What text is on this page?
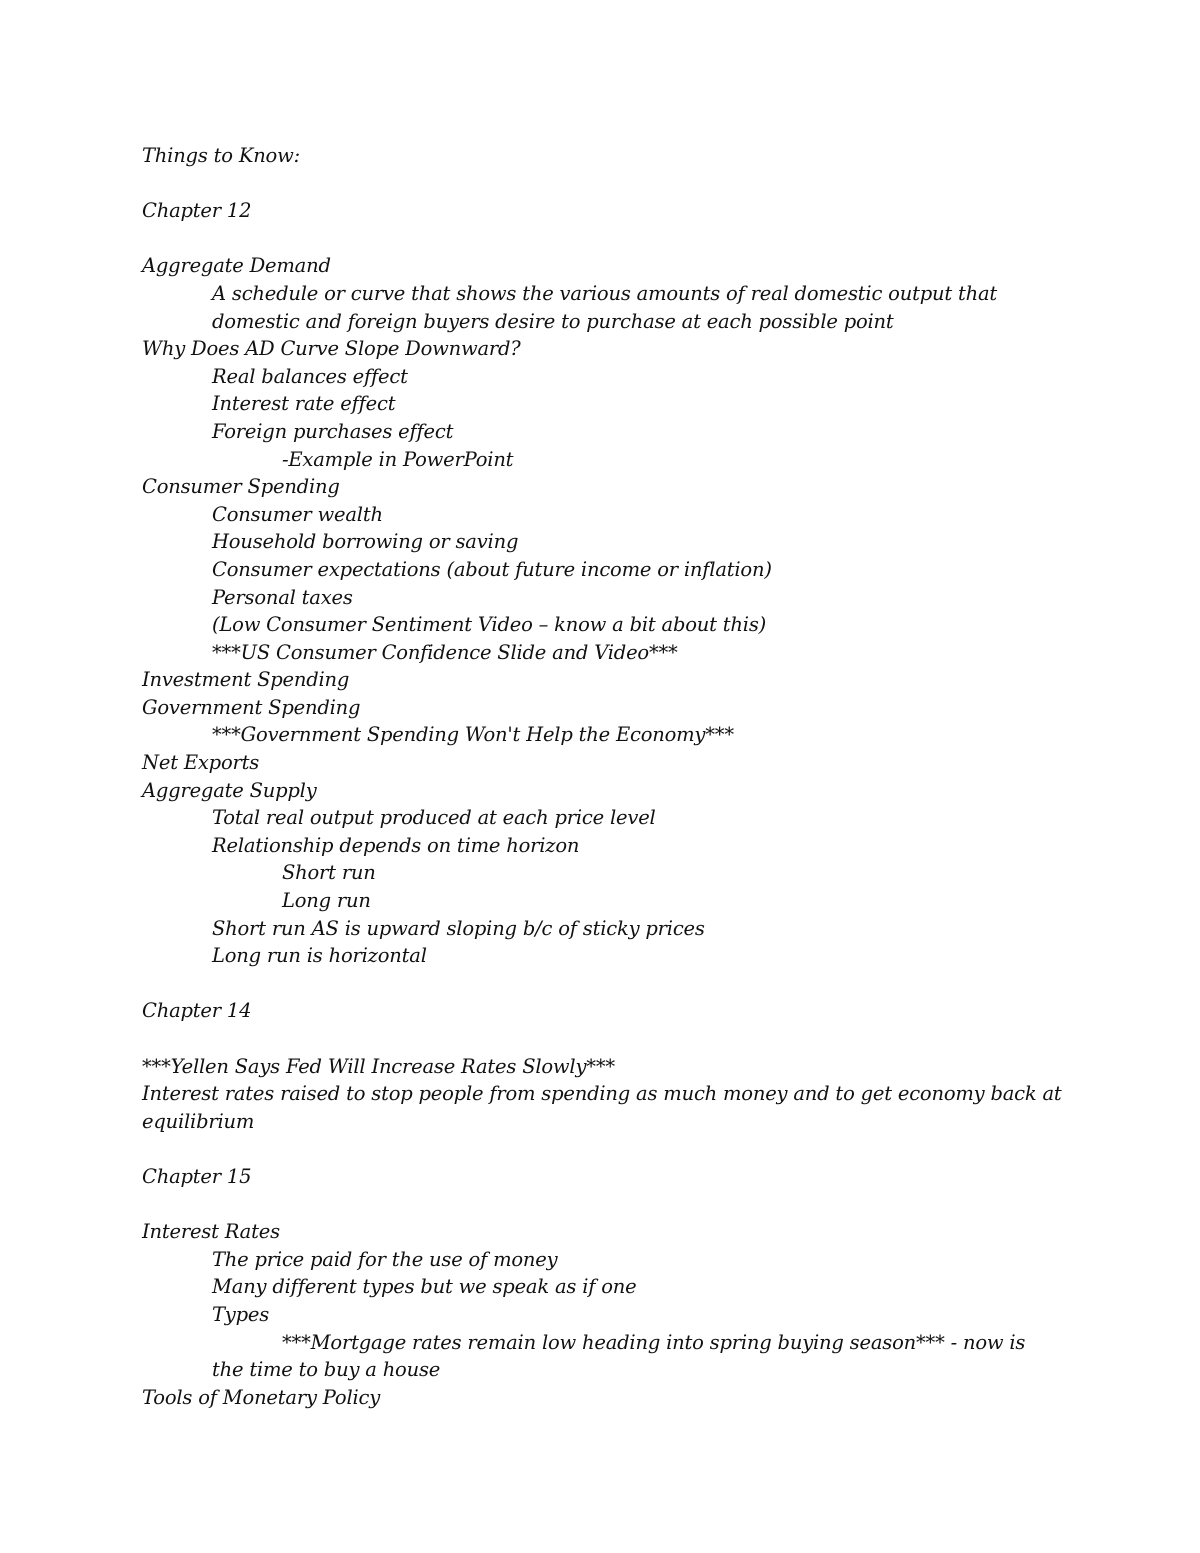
Things to Know:
Chapter 12
Aggregate Demand
A schedule or curve that shows the various amounts of real domestic output that
domestic and foreign buyers desire to purchase at each possible point
Why Does AD Curve Slope Downward?
Real balances effect
Interest rate effect
Foreign purchases effect
-Example in PowerPoint
Consumer Spending
Consumer wealth
Household borrowing or saving
Consumer expectations (about future income or inflation)
Personal taxes
(Low Consumer Sentiment Video – know a bit about this)
***US Consumer Confidence Slide and Video***
Investment Spending
Government Spending
***Government Spending Won't Help the Economy***
Net Exports
Aggregate Supply
Total real output produced at each price level
Relationship depends on time horizon
Short run
Long run
Short run AS is upward sloping b/c of sticky prices
Long run is horizontal
Chapter 14
***Yellen Says Fed Will Increase Rates Slowly***
Interest rates raised to stop people from spending as much money and to get economy back at equilibrium
Chapter 15
Interest Rates
The price paid for the use of money
Many different types but we speak as if one
Types
***Mortgage rates remain low heading into spring buying season*** - now is
the time to buy a house
Tools of Monetary Policy
